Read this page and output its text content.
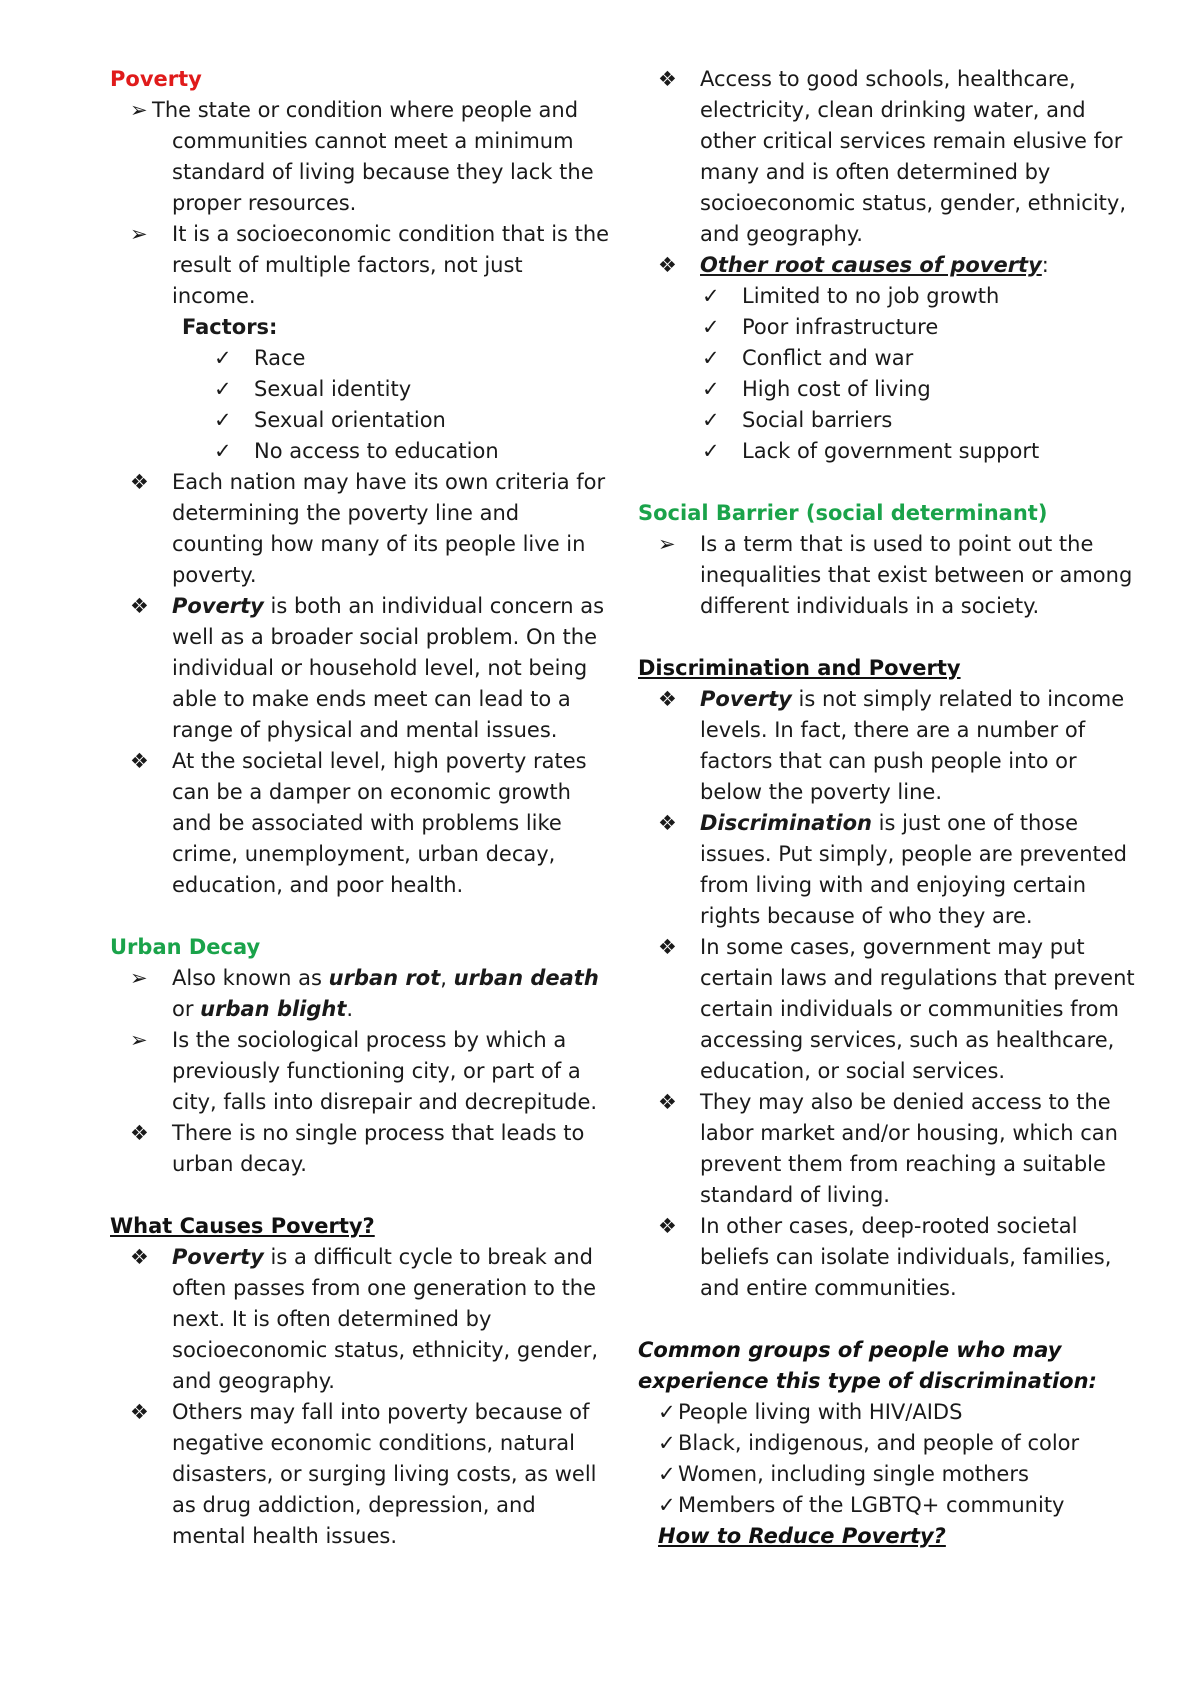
Poverty
➢ The state or condition where people and communities cannot meet a minimum standard of living because they lack the proper resources.
➢ It is a socioeconomic condition that is the result of multiple factors, not just income.
Factors:
✓ Race
✓ Sexual identity
✓ Sexual orientation
✓ No access to education
❖ Each nation may have its own criteria for determining the poverty line and counting how many of its people live in poverty.
❖ Poverty is both an individual concern as well as a broader social problem. On the individual or household level, not being able to make ends meet can lead to a range of physical and mental issues.
❖ At the societal level, high poverty rates can be a damper on economic growth and be associated with problems like crime, unemployment, urban decay, education, and poor health.
Urban Decay
➢ Also known as urban rot, urban death or urban blight.
➢ Is the sociological process by which a previously functioning city, or part of a city, falls into disrepair and decrepitude.
❖ There is no single process that leads to urban decay.
What Causes Poverty?
❖ Poverty is a difficult cycle to break and often passes from one generation to the next. It is often determined by socioeconomic status, ethnicity, gender, and geography.
❖ Others may fall into poverty because of negative economic conditions, natural disasters, or surging living costs, as well as drug addiction, depression, and mental health issues.
❖ Access to good schools, healthcare, electricity, clean drinking water, and other critical services remain elusive for many and is often determined by socioeconomic status, gender, ethnicity, and geography.
❖ Other root causes of poverty:
✓ Limited to no job growth
✓ Poor infrastructure
✓ Conflict and war
✓ High cost of living
✓ Social barriers
✓ Lack of government support
Social Barrier (social determinant)
➢ Is a term that is used to point out the inequalities that exist between or among different individuals in a society.
Discrimination and Poverty
❖ Poverty is not simply related to income levels. In fact, there are a number of factors that can push people into or below the poverty line.
❖ Discrimination is just one of those issues. Put simply, people are prevented from living with and enjoying certain rights because of who they are.
❖ In some cases, government may put certain laws and regulations that prevent certain individuals or communities from accessing services, such as healthcare, education, or social services.
❖ They may also be denied access to the labor market and/or housing, which can prevent them from reaching a suitable standard of living.
❖ In other cases, deep-rooted societal beliefs can isolate individuals, families, and entire communities.
Common groups of people who may experience this type of discrimination:
✓ People living with HIV/AIDS
✓ Black, indigenous, and people of color
✓ Women, including single mothers
✓ Members of the LGBTQ+ community
How to Reduce Poverty?
